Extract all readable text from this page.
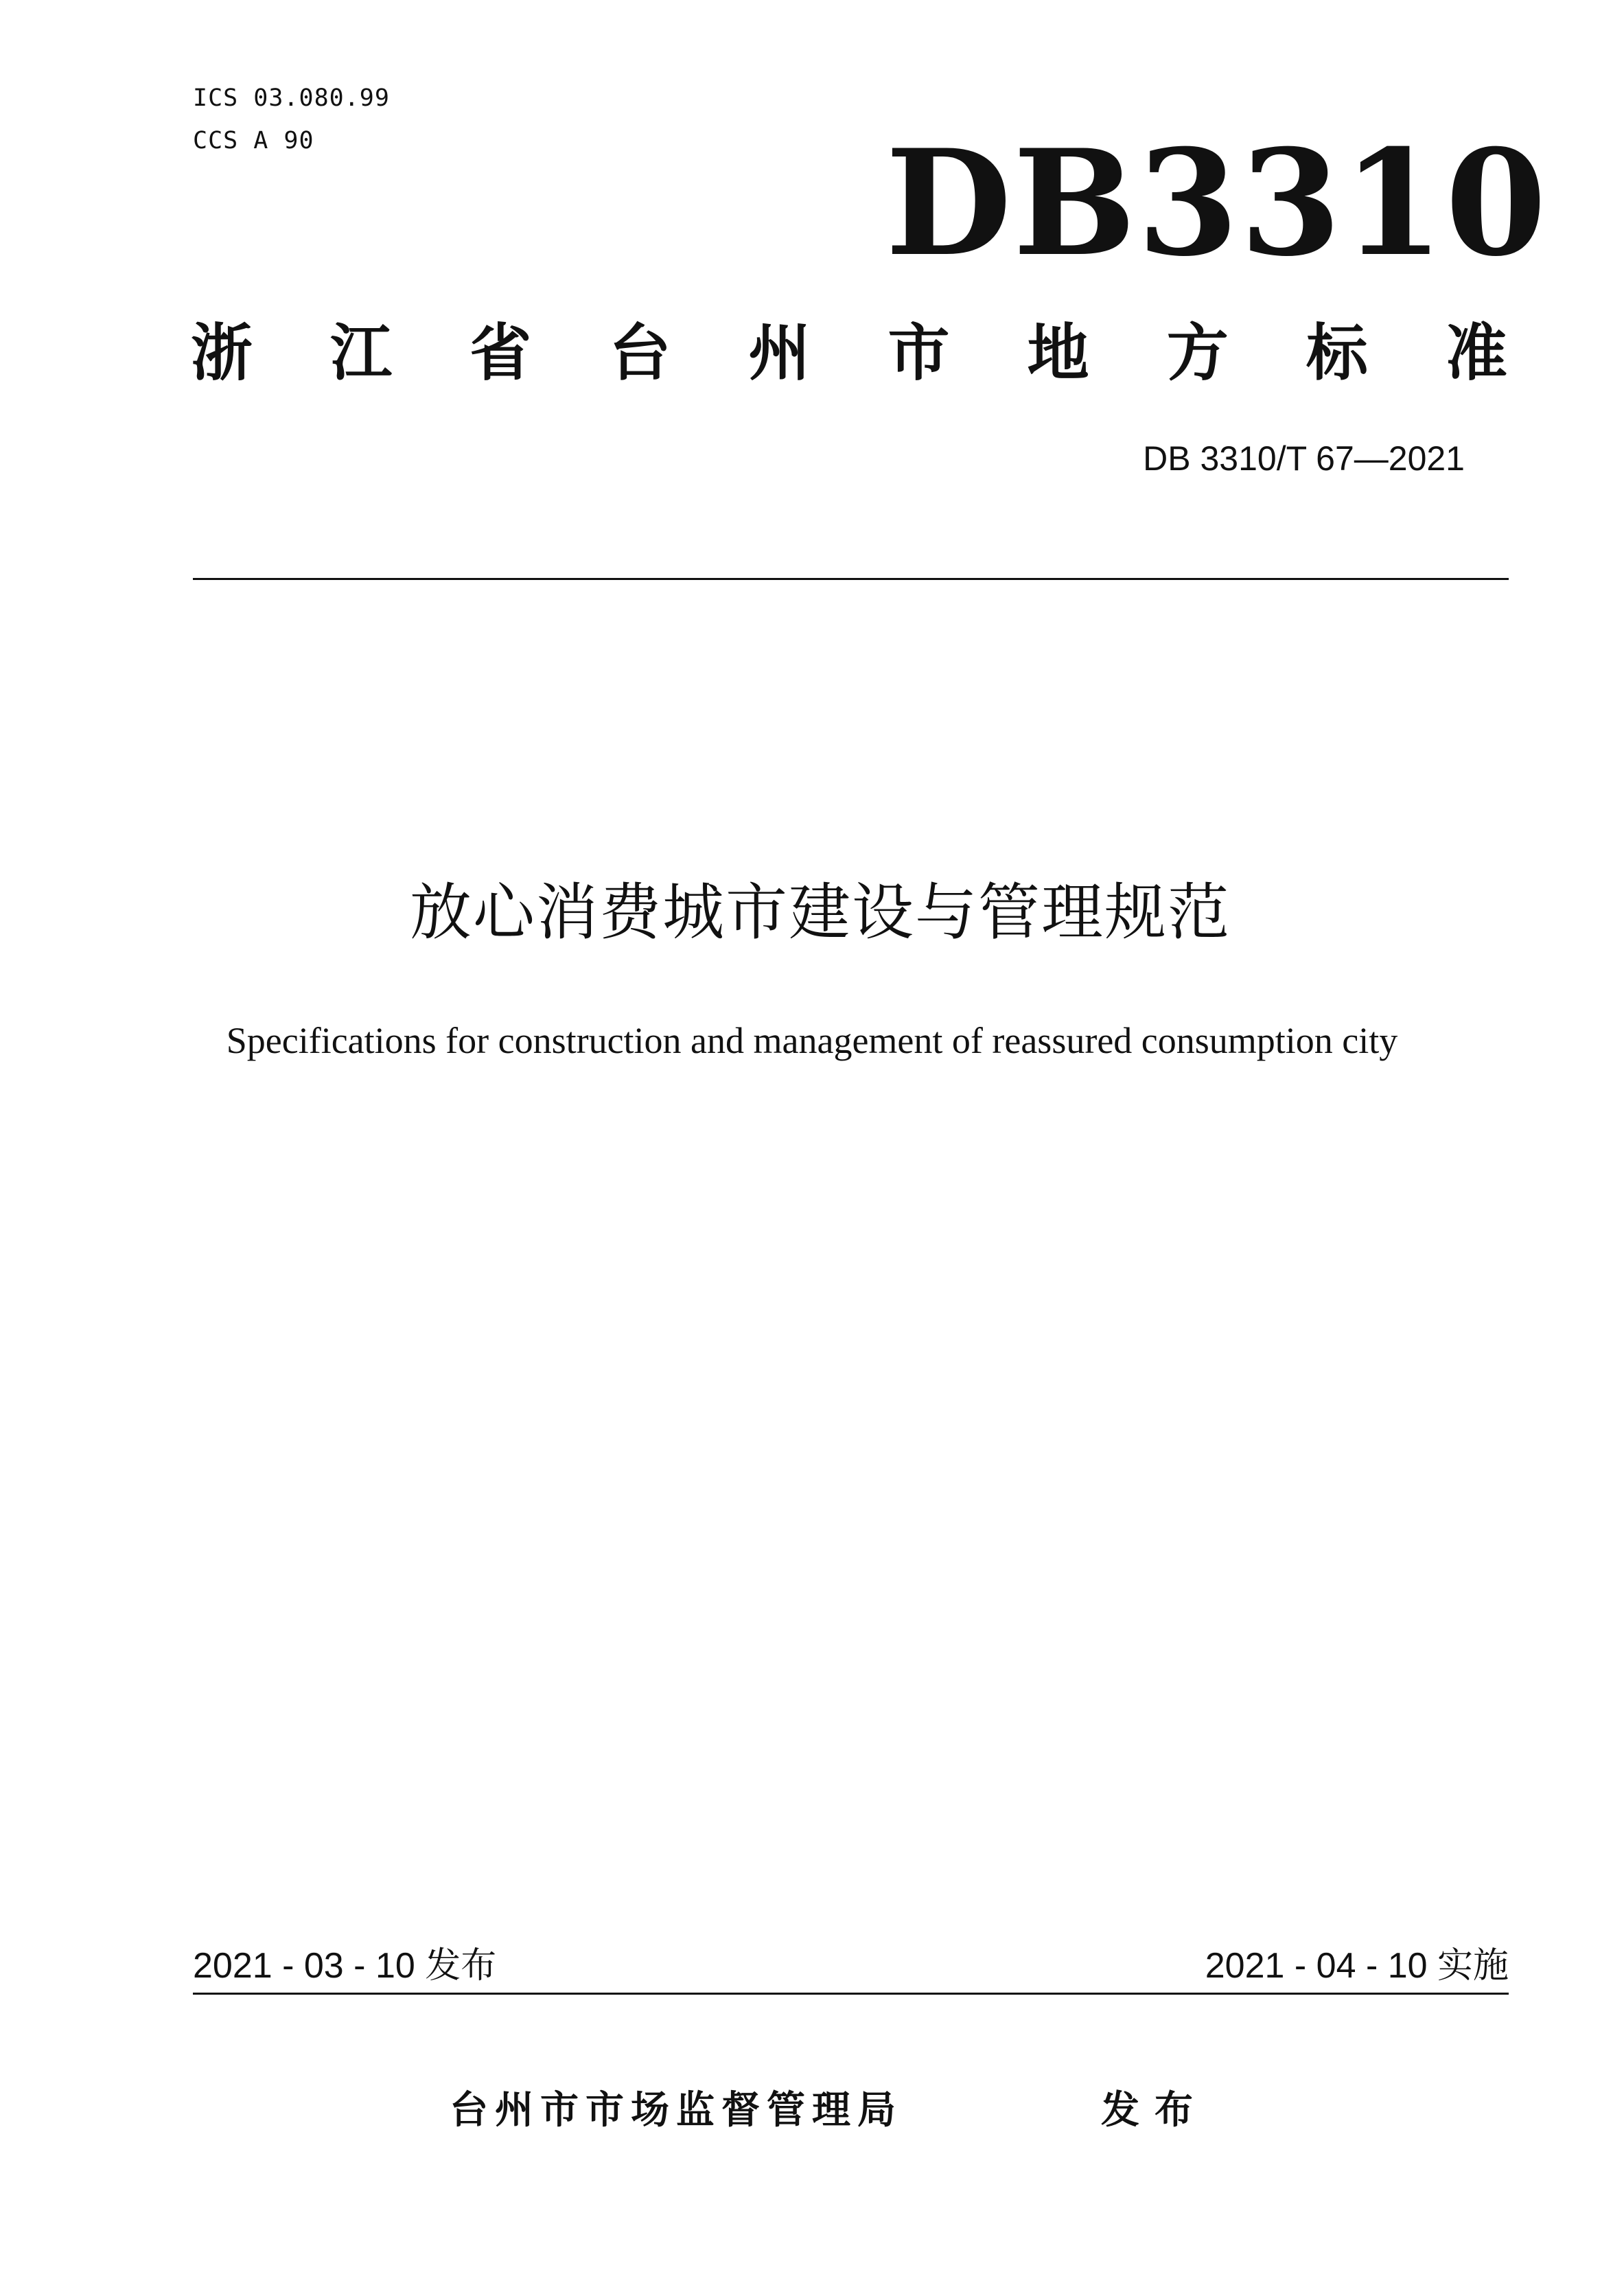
ICS 03.080.99
CCS A 90	DB3310
浙 江 省 台 州 市 地 方 标 准
DB 3310/T 67—2021
放心消费城市建设与管理规范
Specifications for construction and management of reassured consumption city
2021 - 03 - 10 发布	2021 - 04 - 10 实施
台州市市场监督管理局	发布
